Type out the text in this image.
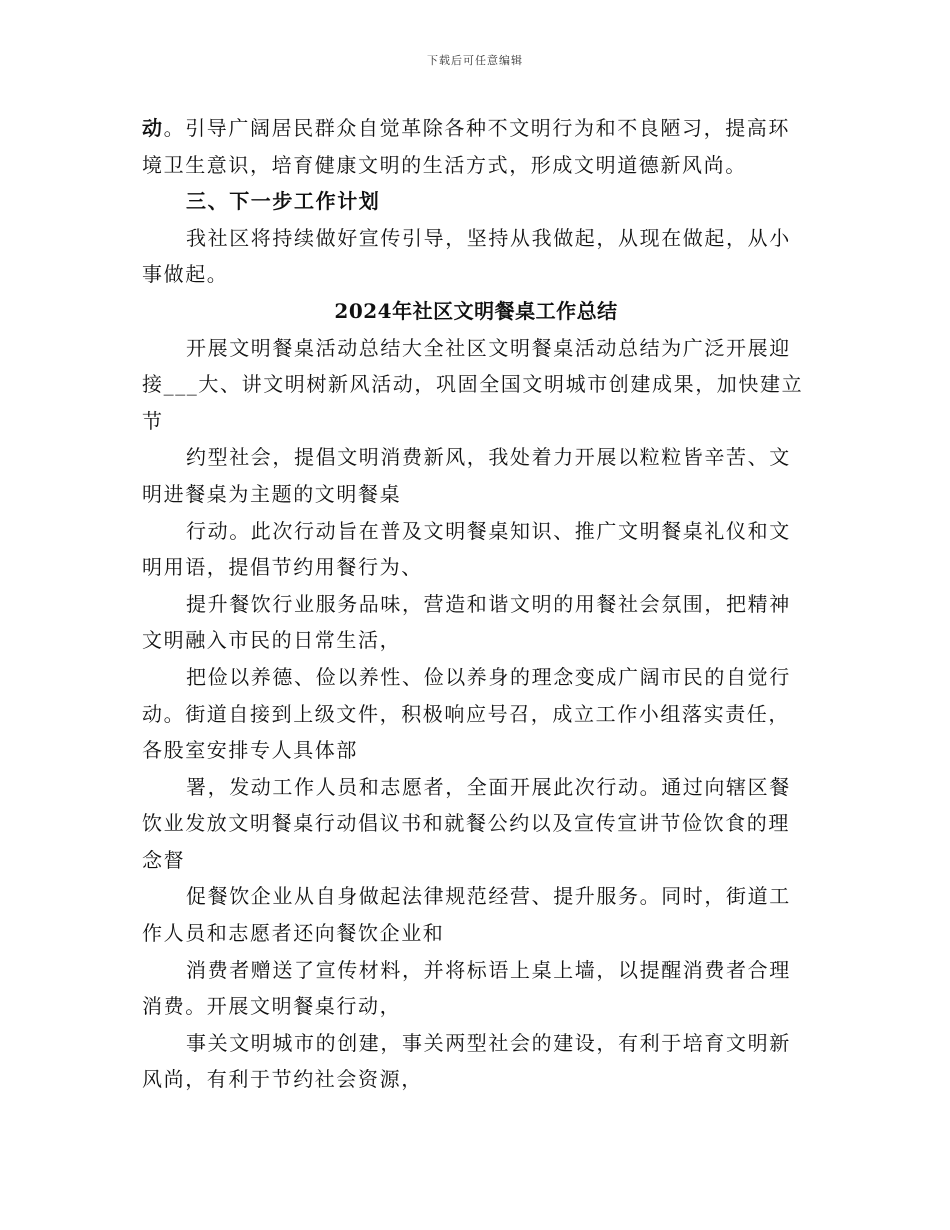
下载后可任意编辑

动。引导广阔居民群众自觉革除各种不文明行为和不良陋习，提高环

境卫生意识，培育健康文明的生活方式，形成文明道德新风尚。

三、下一步工作计划

我社区将持续做好宣传引导，坚持从我做起，从现在做起，从小

事做起。

2024年社区文明餐桌工作总结

开展文明餐桌活动总结大全社区文明餐桌活动总结为广泛开展迎

接___大、讲文明树新风活动，巩固全国文明城市创建成果，加快建立

节

约型社会，提倡文明消费新风，我处着力开展以粒粒皆辛苦、文

明进餐桌为主题的文明餐桌

行动。此次行动旨在普及文明餐桌知识、推广文明餐桌礼仪和文

明用语，提倡节约用餐行为、

提升餐饮行业服务品味，营造和谐文明的用餐社会氛围，把精神

文明融入市民的日常生活，

把俭以养德、俭以养性、俭以养身的理念变成广阔市民的自觉行

动。街道自接到上级文件，积极响应号召，成立工作小组落实责任，

各股室安排专人具体部

署，发动工作人员和志愿者，全面开展此次行动。通过向辖区餐

饮业发放文明餐桌行动倡议书和就餐公约以及宣传宣讲节俭饮食的理

念督

促餐饮企业从自身做起法律规范经营、提升服务。同时，街道工

作人员和志愿者还向餐饮企业和

消费者赠送了宣传材料，并将标语上桌上墙，以提醒消费者合理

消费。开展文明餐桌行动，

事关文明城市的创建，事关两型社会的建设，有利于培育文明新

风尚，有利于节约社会资源，
